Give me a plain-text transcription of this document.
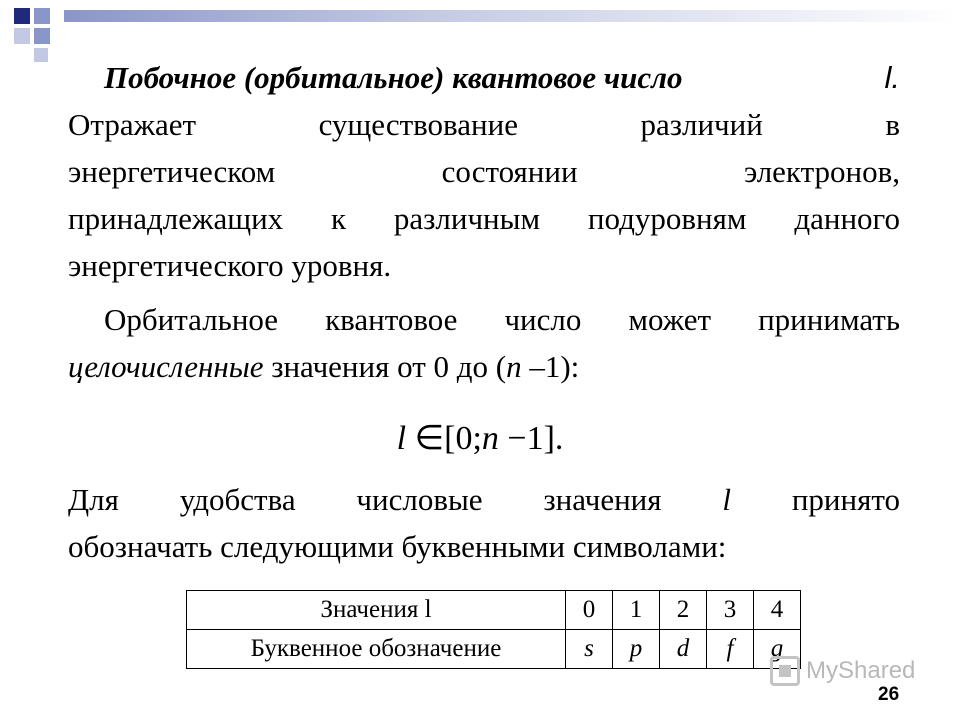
Побочное (орбитальное) квантовое число	l.
Отражает	существование	различий	в
энергетическом	состоянии	электронов,
принадлежащих к различным подуровням данного
энергетического уровня.
Орбитальное квантовое число может принимать
целочисленные значения от 0 до (n –1):
l ∈[0;n −1].
Для удобства числовые значения l принято
обозначать следующими буквенными символами:
Значения l	0	1	2	3	4
Буквенное обозначение	s	p	d	f	g
MyShared
26
